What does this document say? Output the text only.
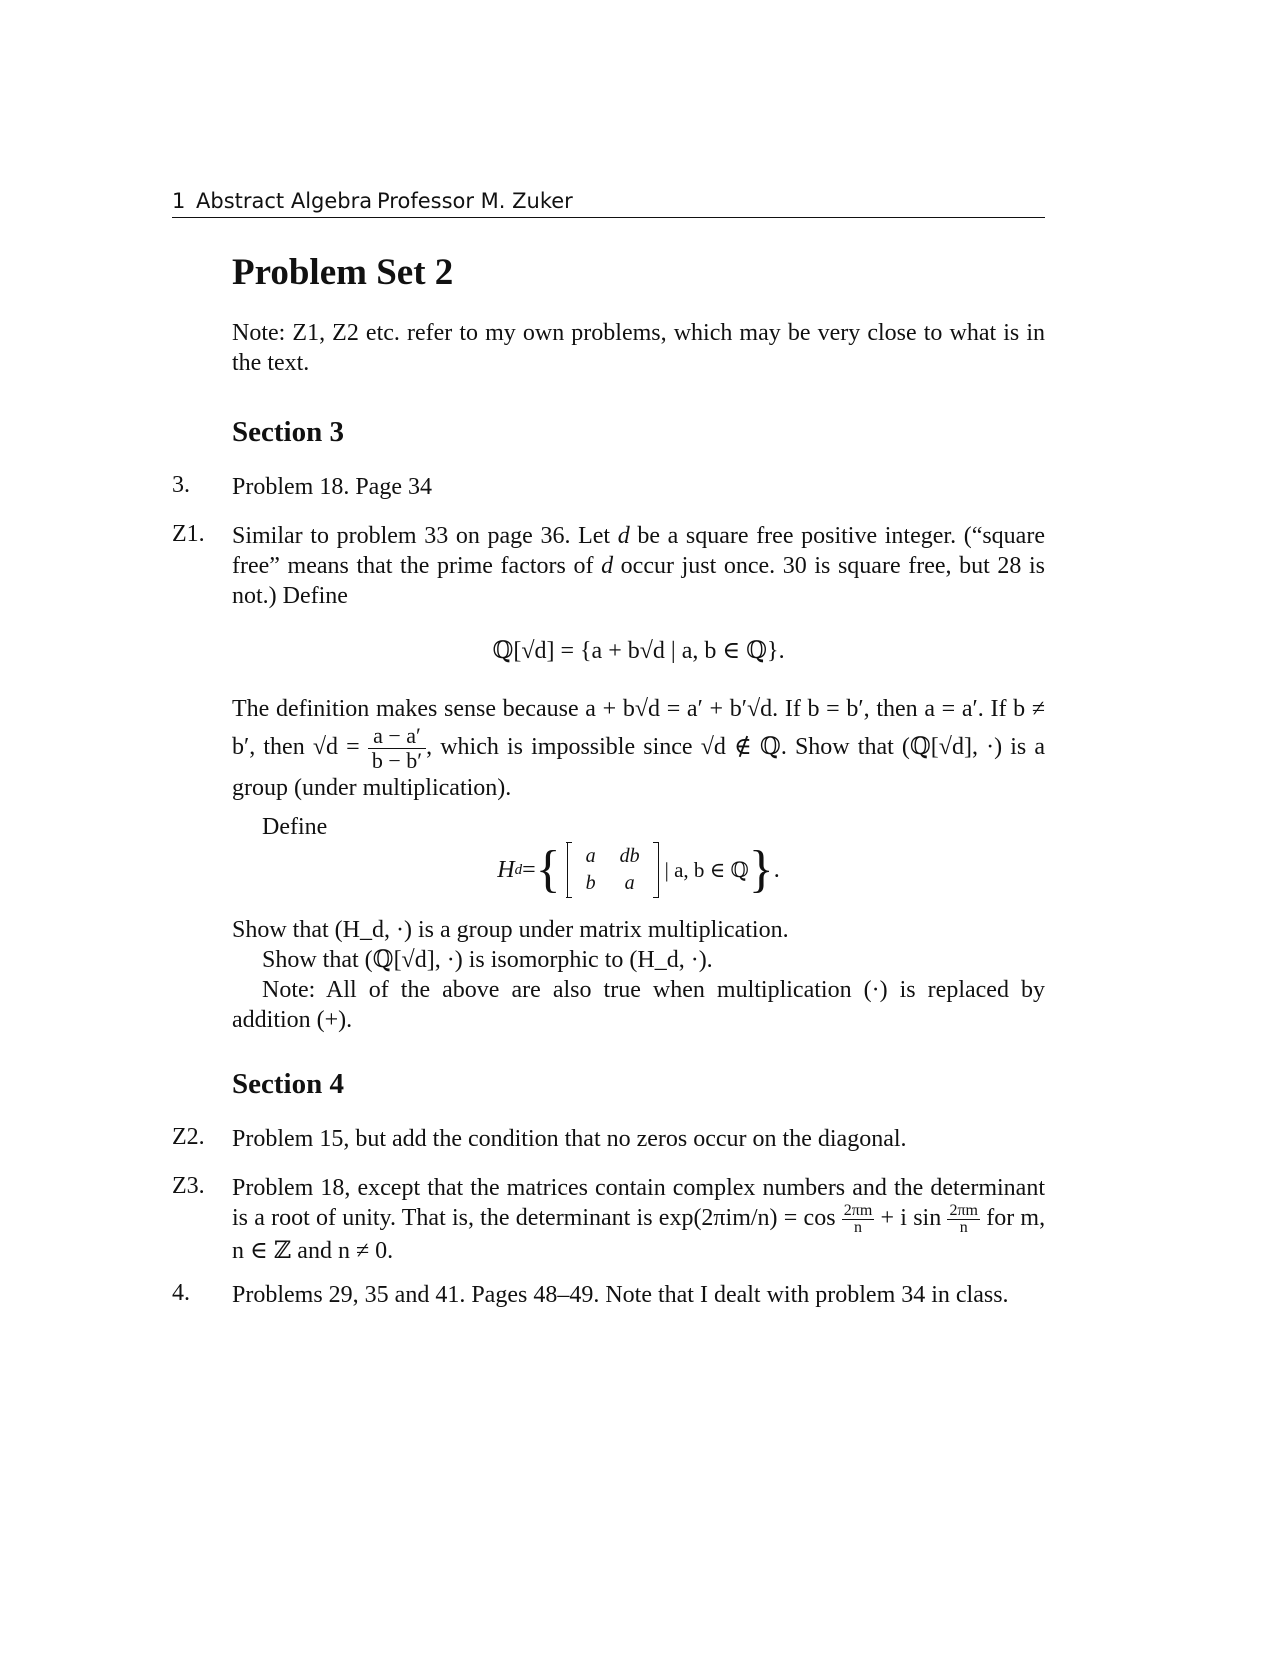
1 Abstract Algebra Professor M. Zuker
Problem Set 2

Note: Z1, Z2 etc. refer to my own problems, which may be very close to what is in the text.

Section 3
3. Problem 18. Page 34

Z1. Similar to problem 33 on page 36. Let d be a square free positive integer. (“square free” means that the prime factors of d occur just once. 30 is square free, but 28 is not.) Define

ℚ[√d] = {a + b√d | a, b ∈ ℚ}.

The definition makes sense because a + b√d = a′ + b′√d. If b = b′, then a = a′. If b ≠ b′, then $√d = \frac{a - a'}{b - b'}$ , which is impossible since √d ∉ ℚ. Show that (ℚ[√d], ·) is a group (under multiplication).

Define
H d = {	a	db
b	a
| a, b ∈ ℚ } .

Show that (H_d, ·) is a group under matrix multiplication.

Show that (ℚ[√d], ·) is isomorphic to (H_d, ·).

Note: All of the above are also true when multiplication (·) is replaced by addition (+).

Section 4
Z2. Problem 15, but add the condition that no zeros occur on the diagonal.

Z3. Problem 18, except that the matrices contain complex numbers and the determinant is a root of unity. That is, the determinant is $\exp(2\pi im/n) = \cos \frac{2\pi m}{n} + i$ $\sin \frac{2\pi m}{n}$ for m, n ∈ ℤ and n ≠ 0.

4. Problems 29, 35 and 41. Pages 48–49. Note that I dealt with problem 34 in class.
